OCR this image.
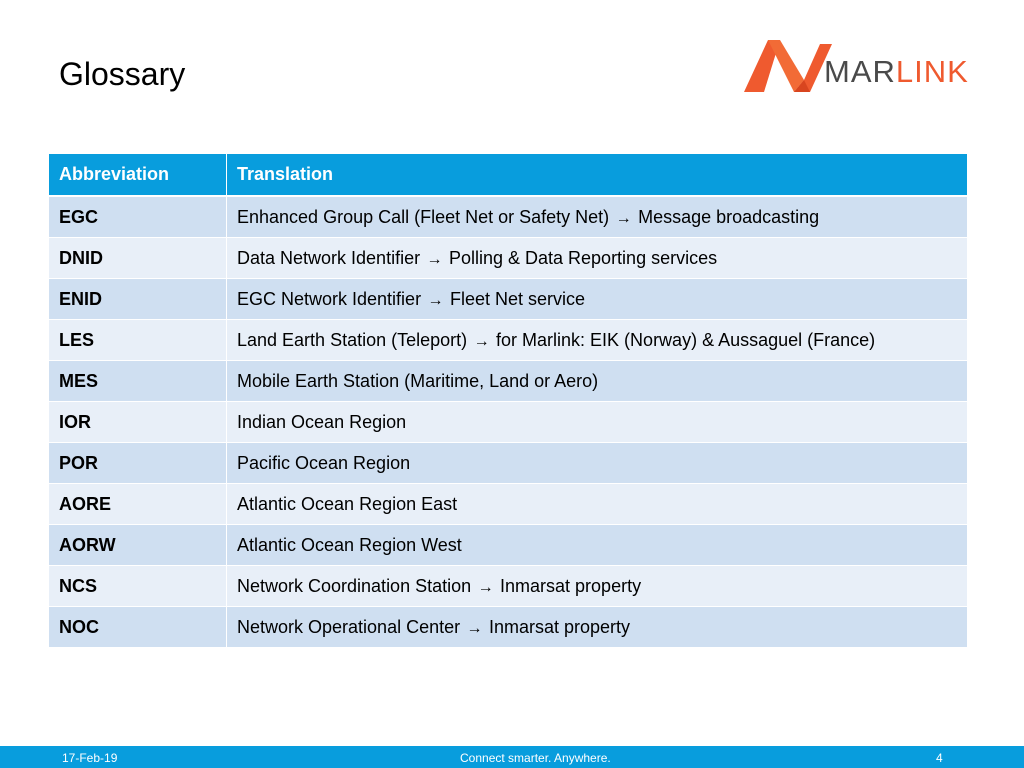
Glossary	MARLINK
Abbreviation	Translation
EGC	Enhanced Group Call (Fleet Net or Safety Net) → Message broadcasting
DNID	Data Network Identifier → Polling & Data Reporting services
ENID	EGC Network Identifier → Fleet Net service
LES	Land Earth Station (Teleport) → for Marlink: EIK (Norway) & Aussaguel (France)
MES	Mobile Earth Station (Maritime, Land or Aero)
IOR	Indian Ocean Region
POR	Pacific Ocean Region
AORE	Atlantic Ocean Region East
AORW	Atlantic Ocean Region West
NCS	Network Coordination Station → Inmarsat property
NOC	Network Operational Center → Inmarsat property
17-Feb-19	Connect smarter. Anywhere.	4
